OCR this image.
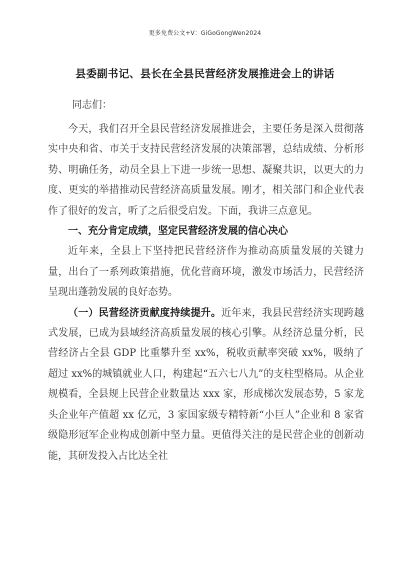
更多免费公文+V：GiGoGongWen2024
县委副书记、县长在全县民营经济发展推进会上的讲话
同志们：

今天，我们召开全县民营经济发展推进会，主要任务是深入贯彻落实中央和省、市关于支持民营经济发展的决策部署，总结成绩、分析形势、明确任务，动员全县上下进一步统一思想、凝聚共识，以更大的力度、更实的举措推动民营经济高质量发展。刚才，相关部门和企业代表作了很好的发言，听了之后很受启发。下面，我讲三点意见。

一、充分肯定成绩，坚定民营经济发展的信心决心

近年来，全县上下坚持把民营经济作为推动高质量发展的关键力量，出台了一系列政策措施，优化营商环境，激发市场活力，民营经济呈现出蓬勃发展的良好态势。

（一）民营经济贡献度持续提升。近年来，我县民营经济实现跨越式发展，已成为县域经济高质量发展的核心引擎。从经济总量分析，民营经济占全县 GDP 比重攀升至 xx%，税收贡献率突破 xx%，吸纳了超过 xx%的城镇就业人口，构建起“五六七八九”的支柱型格局。从企业规模看，全县规上民营企业数量达 xxx 家，形成梯次发展态势，5 家龙头企业年产值超 xx 亿元，3 家国家级专精特新“小巨人”企业和 8 家省级隐形冠军企业构成创新中坚力量。更值得关注的是民营企业的创新动能，其研发投入占比达全社
